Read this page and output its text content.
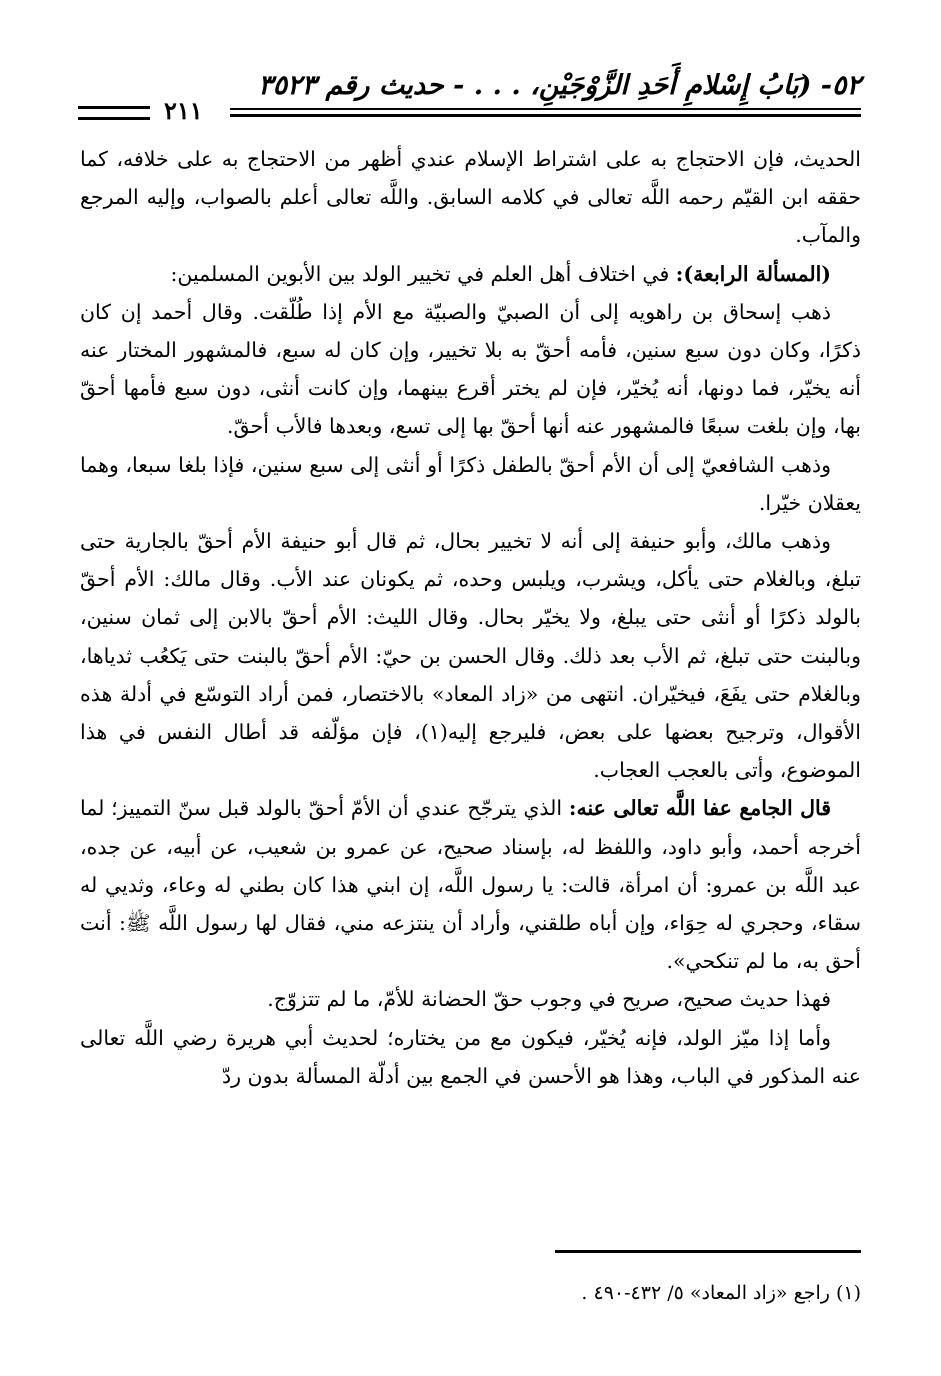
٥٢- (بَابُ إِسْلامِ أَحَدِ الزَّوْجَيْنِ، . . . - حديث رقم ٣٥٢٣
٢١١

الحديث، فإن الاحتجاج به على اشتراط الإسلام عندي أظهر من الاحتجاج به على خلافه، كما حققه ابن القيّم رحمه اللَّه تعالى في كلامه السابق. واللَّه تعالى أعلم بالصواب، وإليه المرجع والمآب.

(المسألة الرابعة): في اختلاف أهل العلم في تخيير الولد بين الأبوين المسلمين:

ذهب إسحاق بن راهويه إلى أن الصبيّ والصبيّة مع الأم إذا طُلّقت. وقال أحمد إن كان ذكرًا، وكان دون سبع سنين، فأمه أحقّ به بلا تخيير، وإن كان له سبع، فالمشهور المختار عنه أنه يخيّر، فما دونها، أنه يُخيّر، فإن لم يختر أقرع بينهما، وإن كانت أنثى، دون سبع فأمها أحقّ بها، وإن بلغت سبعًا فالمشهور عنه أنها أحقّ بها إلى تسع، وبعدها فالأب أحقّ.

وذهب الشافعيّ إلى أن الأم أحقّ بالطفل ذكرًا أو أنثى إلى سبع سنين، فإذا بلغا سبعا، وهما يعقلان خيّرا.

وذهب مالك، وأبو حنيفة إلى أنه لا تخيير بحال، ثم قال أبو حنيفة الأم أحقّ بالجارية حتى تبلغ، وبالغلام حتى يأكل، ويشرب، ويلبس وحده، ثم يكونان عند الأب. وقال مالك: الأم أحقّ بالولد ذكرًا أو أنثى حتى يبلغ، ولا يخيّر بحال. وقال الليث: الأم أحقّ بالابن إلى ثمان سنين، وبالبنت حتى تبلغ، ثم الأب بعد ذلك. وقال الحسن بن حيّ: الأم أحقّ بالبنت حتى يَكعُب ثدياها، وبالغلام حتى يفَعَ، فيخيّران. انتهى من «زاد المعاد» بالاختصار، فمن أراد التوسّع في أدلة هذه الأقوال، وترجيح بعضها على بعض، فليرجع إليه(١)، فإن مؤلّفه قد أطال النفس في هذا الموضوع، وأتى بالعجب العجاب.

قال الجامع عفا اللَّه تعالى عنه: الذي يترجّح عندي أن الأمّ أحقّ بالولد قبل سنّ التمييز؛ لما أخرجه أحمد، وأبو داود، واللفظ له، بإسناد صحيح، عن عمرو بن شعيب، عن أبيه، عن جده، عبد اللَّه بن عمرو: أن امرأة، قالت: يا رسول اللَّه، إن ابني هذا كان بطني له وعاء، وثديي له سقاء، وحجري له حِوَاء، وإن أباه طلقني، وأراد أن ينتزعه مني، فقال لها رسول اللَّه ﷺ: أنت أحق به، ما لم تنكحي».

فهذا حديث صحيح، صريح في وجوب حقّ الحضانة للأمّ، ما لم تتزوّج.

وأما إذا ميّز الولد، فإنه يُخيّر، فيكون مع من يختاره؛ لحديث أبي هريرة رضي اللَّه تعالى عنه المذكور في الباب، وهذا هو الأحسن في الجمع بين أدلّة المسألة بدون ردّ

(١) راجع «زاد المعاد» ٥/ ٤٣٢-٤٩٠ .
